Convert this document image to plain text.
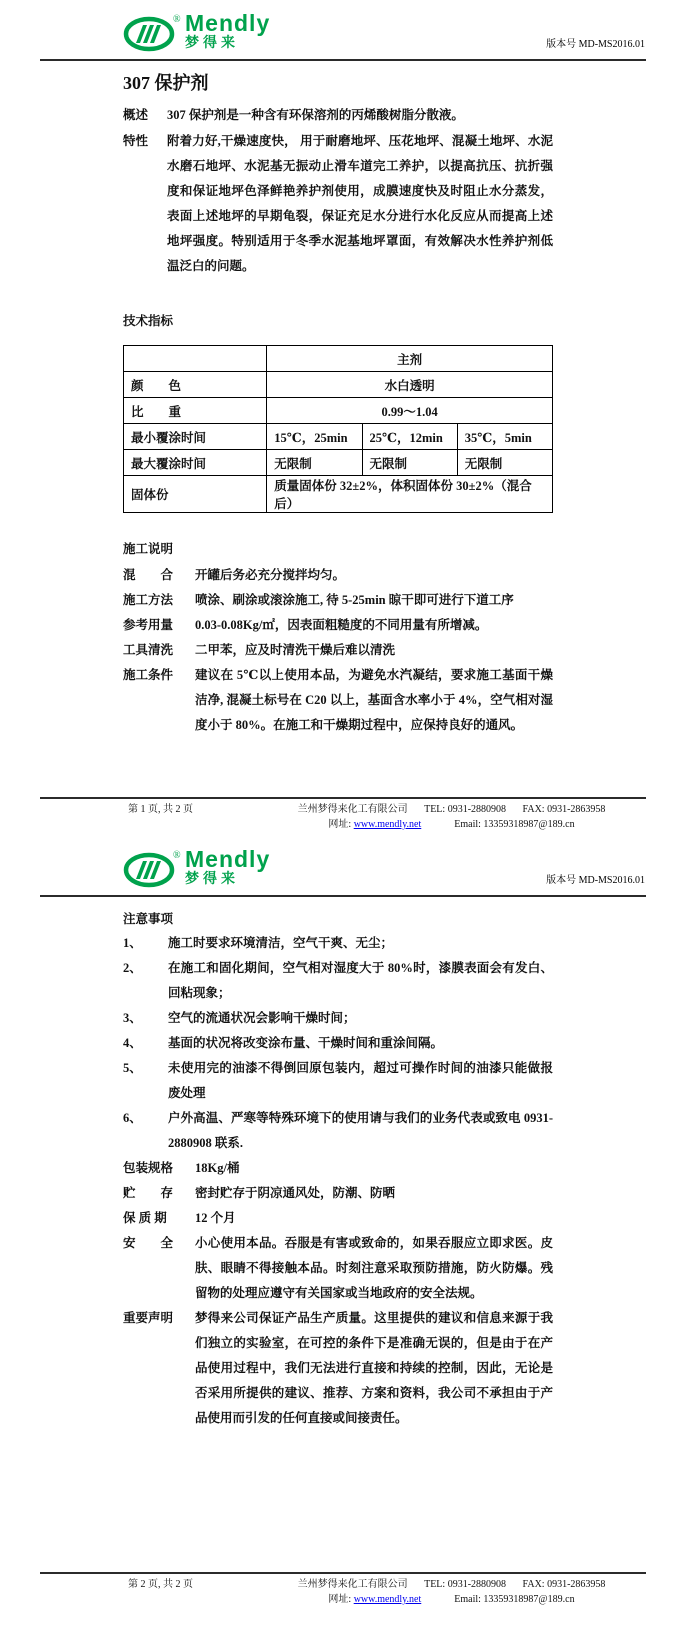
® Mendly
梦得来	版本号 MD-MS2016.01
307 保护剂
概述	307 保护剂是一种含有环保溶剂的丙烯酸树脂分散液。
特性	附着力好,干燥速度快， 用于耐磨地坪、压花地坪、混凝土地坪、水泥水磨石地坪、水泥基无振动止滑车道完工养护，以提高抗压、抗折强度和保证地坪色泽鲜艳养护剂使用，成膜速度快及时阻止水分蒸发，表面上述地坪的早期龟裂，保证充足水分进行水化反应从而提高上述地坪强度。特别适用于冬季水泥基地坪罩面，有效解决水性养护剂低温泛白的问题。
技术指标
	主剂		
颜　　色	水白透明		
比　　重	0.99～1.04		
最小覆涂时间	15℃，25min	25℃，12min	35℃，5min
最大覆涂时间	无限制	无限制	无限制
固体份	质量固体份 32±2%，体积固体份 30±2%（混合后）		
施工说明
混　　合	开罐后务必充分搅拌均匀。
施工方法	喷涂、刷涂或滚涂施工, 待 5-25min 晾干即可进行下道工序
参考用量	0.03-0.08Kg/㎡，因表面粗糙度的不同用量有所增减。
工具清洗	二甲苯，应及时清洗干燥后难以清洗
施工条件	建议在 5℃以上使用本品，为避免水汽凝结，要求施工基面干燥洁净, 混凝土标号在 C20 以上，基面含水率小于 4%，空气相对湿度小于 80%。在施工和干燥期过程中，应保持良好的通风。
第 1 页, 共 2 页	兰州梦得来化工有限公司 TEL: 0931-2880908 FAX: 0931-2863958
网址: www.mendly.net	Email: 13359318987@189.cn
® Mendly
梦得来	版本号 MD-MS2016.01
注意事项
1、	施工时要求环境清洁，空气干爽、无尘；
2、	在施工和固化期间，空气相对湿度大于 80%时，漆膜表面会有发白、回粘现象；
3、	空气的流通状况会影响干燥时间；
4、	基面的状况将改变涂布量、干燥时间和重涂间隔。
5、	未使用完的油漆不得倒回原包装内，超过可操作时间的油漆只能做报废处理
6、	户外高温、严寒等特殊环境下的使用请与我们的业务代表或致电 0931-2880908 联系.
包装规格	18Kg/桶
贮　　存	密封贮存于阴凉通风处，防潮、防晒
保 质 期	12 个月
安　　全	小心使用本品。吞服是有害或致命的，如果吞服应立即求医。皮肤、眼睛不得接触本品。时刻注意采取预防措施，防火防爆。残留物的处理应遵守有关国家或当地政府的安全法规。
重要声明	梦得来公司保证产品生产质量。这里提供的建议和信息来源于我们独立的实验室，在可控的条件下是准确无误的，但是由于在产品使用过程中，我们无法进行直接和持续的控制，因此，无论是否采用所提供的建议、推荐、方案和资料，我公司不承担由于产品使用而引发的任何直接或间接责任。
第 2 页, 共 2 页	兰州梦得来化工有限公司 TEL: 0931-2880908 FAX: 0931-2863958
网址: www.mendly.net	Email: 13359318987@189.cn
